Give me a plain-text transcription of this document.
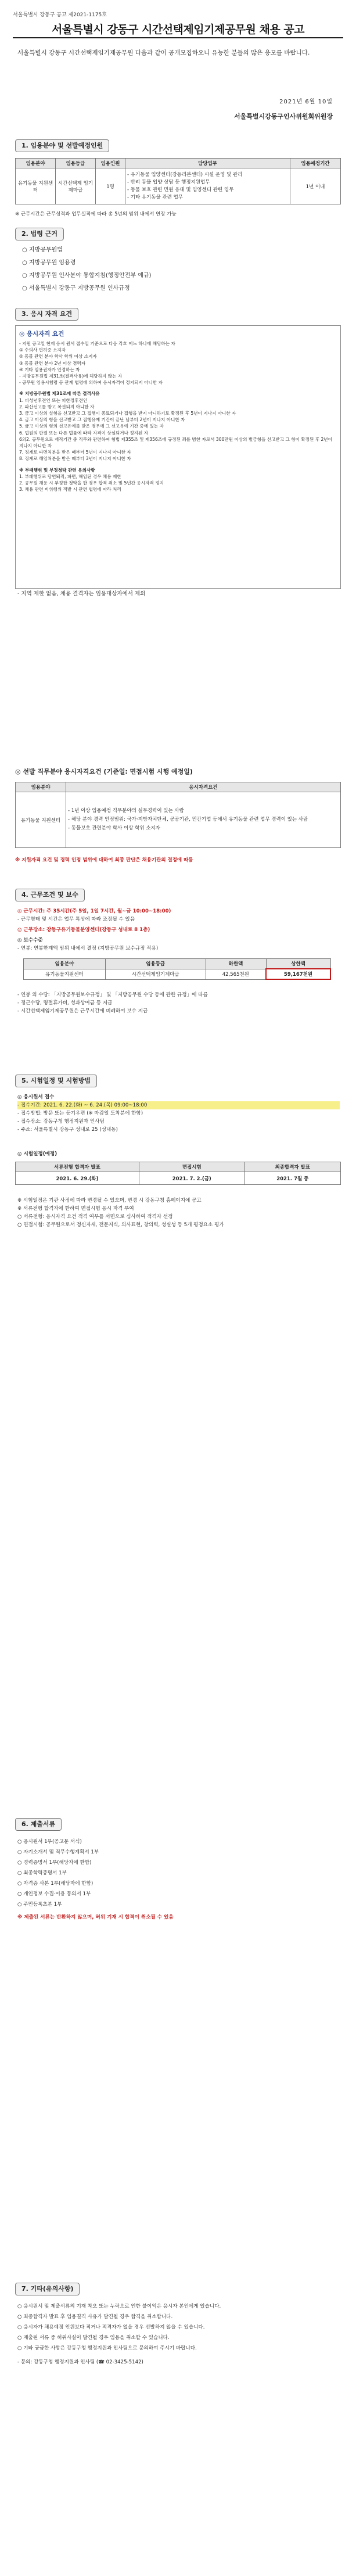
서울특별시 강동구 공고 제2021-1175호
서울특별시 강동구 시간선택제임기제공무원 채용 공고
서울특별시 강동구 시간선택제임기제공무원 다음과 같이 공개모집하오니 유능한 분들의 많은 응모를 바랍니다.
2021년 6월 10일
서울특별시강동구인사위원회위원장
1. 임용분야 및 선발예정인원
임용분야	임용등급	임용인원	담당업무	임용예정기간
유기동물 지원센터	시간선택제 임기제마급	1명	- 유기동물 입양센터(강동리본센터) 시설 운영 및 관리
- 반려 동물 입양 상담 등 행정지원업무
- 동물 보호 관련 민원 응대 및 입양센터 관련 업무
- 기타 유기동물 관련 업무	1년 이내
※ 근무시간은 근무성적과 업무실적에 따라 총 5년의 범위 내에서 연장 가능
2. 법령 근거
○ 지방공무원법
○ 지방공무원 임용령
○ 지방공무원 인사분야 통합지침(행정안전부 예규)
○ 서울특별시 강동구 지방공무원 인사규정
3. 응시 자격 요건
◎ 응시자격 요건
- 지원 공고일 현재 응시 원서 접수일 기준으로 다음 각호 어느 하나에 해당하는 자
① 수의사 면허증 소지자
② 동물 관련 분야 학사 학위 이상 소지자
③ 동물 관련 분야 2년 이상 경력자
④ 기타 임용권자가 인정하는 자
- 지방공무원법 제31조(결격사유)에 해당하지 않는 자
- 공무원 임용시험령 등 관계 법령에 의하여 응시자격이 정지되지 아니한 자
※ 지방공무원법 제31조에 따른 결격사유
1. 피성년후견인 또는 피한정후견인
2. 파산선고를 받고 복권되지 아니한 자
3. 금고 이상의 실형을 선고받고 그 집행이 종료되거나 집행을 받지 아니하기로 확정된 후 5년이 지나지 아니한 자
4. 금고 이상의 형을 선고받고 그 집행유예 기간이 끝난 날부터 2년이 지나지 아니한 자
5. 금고 이상의 형의 선고유예를 받은 경우에 그 선고유예 기간 중에 있는 자
6. 법원의 판결 또는 다른 법률에 따라 자격이 상실되거나 정지된 자
6의2. 공무원으로 재직기간 중 직무와 관련하여 형법 제355조 및 제356조에 규정된 죄를 범한 자로서 300만원 이상의 벌금형을 선고받고 그 형이 확정된 후 2년이 지나지 아니한 자
7. 징계로 파면처분을 받은 때부터 5년이 지나지 아니한 자
8. 징계로 해임처분을 받은 때부터 3년이 지나지 아니한 자
※ 부패행위 및 부정청탁 관련 유의사항
1. 부패행위로 당연퇴직, 파면, 해임된 경우 채용 제한
2. 공무원 채용 시 부정한 청탁을 한 경우 합격 취소 및 5년간 응시자격 정지
3. 채용 관련 비위행위 적발 시 관련 법령에 따라 처리
- 지역 제한 없음, 채용 결격자는 임용대상자에서 제외
◎ 선발 직무분야 응시자격요건 (기준일: 면접시험 시행 예정일)
임용분야	응시자격요건
유기동물 지원센터	- 1년 이상 입용예정 직무분야의 실무경력이 있는 사람
- 해당 분야 경력 인정범위: 국가·지방자치단체, 공공기관, 민간기업 등에서 유기동물 관련 업무 경력이 있는 사람
- 동물보호 관련분야 학사 이상 학위 소지자
※ 지원자격 요건 및 경력 인정 범위에 대하여 최종 판단은 채용기관의 결정에 따름
4. 근무조건 및 보수
◎ 근무시간: 주 35시간(주 5일, 1일 7시간, 월~금 10:00~18:00)
- 근무형태 및 시간은 업무 특성에 따라 조정될 수 있음
◎ 근무장소: 강동구유기동물분양센터(강동구 성내로 8 1층)
◎ 보수수준
- 연봉: 연봉한계액 범위 내에서 결정 (지방공무원 보수규정 적용)
임용분야	임용등급	하한액	상한액
유기동물지원센터	시간선택제임기제마급	42,565천원	59,167천원
- 연봉 외 수당: 「지방공무원보수규정」 및 「지방공무원 수당 등에 관한 규정」에 따름
- 정근수당, 명절휴가비, 성과상여금 등 지급
- 시간선택제임기제공무원은 근무시간에 비례하여 보수 지급
5. 시험일정 및 시험방법
◎ 응시원서 접수
- 접수기간: 2021. 6. 22.(화) ~ 6. 24.(목) 09:00~18:00
- 접수방법: 방문 또는 등기우편 (※ 마감일 도착분에 한함)
- 접수장소: 강동구청 행정지원과 인사팀
- 주소: 서울특별시 강동구 성내로 25 (성내동)
◎ 시험일정(예정)
서류전형 합격자 발표	면접시험	최종합격자 발표
2021. 6. 29.(화)	2021. 7. 2.(금)	2021. 7월 중
※ 시험일정은 기관 사정에 따라 변경될 수 있으며, 변경 시 강동구청 홈페이지에 공고
※ 서류전형 합격자에 한하여 면접시험 응시 자격 부여
○ 서류전형: 응시자격 요건 적격 여부를 서면으로 심사하여 적격자 선정
○ 면접시험: 공무원으로서 정신자세, 전문지식, 의사표현, 창의력, 성실성 등 5개 평정요소 평가
6. 제출서류
○ 응시원서 1부(공고문 서식)
○ 자기소개서 및 직무수행계획서 1부
○ 경력증명서 1부(해당자에 한함)
○ 최종학력증명서 1부
○ 자격증 사본 1부(해당자에 한함)
○ 개인정보 수집·이용 동의서 1부
○ 주민등록초본 1부
※ 제출된 서류는 반환하지 않으며, 허위 기재 시 합격이 취소될 수 있음
7. 기타(유의사항)
○ 응시원서 및 제출서류의 기재 착오 또는 누락으로 인한 불이익은 응시자 본인에게 있습니다.
○ 최종합격자 발표 후 임용결격 사유가 발견될 경우 합격을 취소합니다.
○ 응시자가 채용예정 인원보다 적거나 적격자가 없을 경우 선발하지 않을 수 있습니다.
○ 제출된 서류 중 허위사실이 발견될 경우 임용을 취소할 수 있습니다.
○ 기타 궁금한 사항은 강동구청 행정지원과 인사팀으로 문의하여 주시기 바랍니다.
- 문의: 강동구청 행정지원과 인사팀 (☎ 02-3425-5142)
